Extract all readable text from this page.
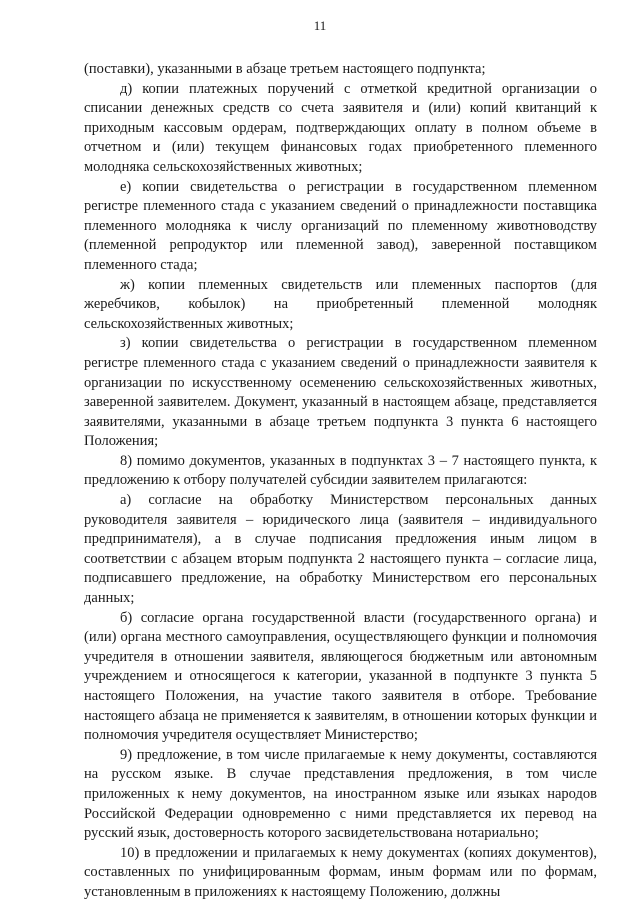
11

(поставки), указанными в абзаце третьем настоящего подпункта;

д) копии платежных поручений с отметкой кредитной организации о списании денежных средств со счета заявителя и (или) копий квитанций к приходным кассовым ордерам, подтверждающих оплату в полном объеме в отчетном и (или) текущем финансовых годах приобретенного племенного молодняка сельскохозяйственных животных;

е) копии свидетельства о регистрации в государственном племенном регистре племенного стада с указанием сведений о принадлежности поставщика племенного молодняка к числу организаций по племенному животноводству (племенной репродуктор или племенной завод), заверенной поставщиком племенного стада;

ж) копии племенных свидетельств или племенных паспортов (для жеребчиков, кобылок) на приобретенный племенной молодняк сельскохозяйственных животных;

з) копии свидетельства о регистрации в государственном племенном регистре племенного стада с указанием сведений о принадлежности заявителя к организации по искусственному осеменению сельскохозяйственных животных, заверенной заявителем. Документ, указанный в настоящем абзаце, представляется заявителями, указанными в абзаце третьем подпункта 3 пункта 6 настоящего Положения;

8) помимо документов, указанных в подпунктах 3 – 7 настоящего пункта, к предложению к отбору получателей субсидии заявителем прилагаются:

а) согласие на обработку Министерством персональных данных руководителя заявителя – юридического лица (заявителя – индивидуального предпринимателя), а в случае подписания предложения иным лицом в соответствии с абзацем вторым подпункта 2 настоящего пункта – согласие лица, подписавшего предложение, на обработку Министерством его персональных данных;

б) согласие органа государственной власти (государственного органа) и (или) органа местного самоуправления, осуществляющего функции и полномочия учредителя в отношении заявителя, являющегося бюджетным или автономным учреждением и относящегося к категории, указанной в подпункте 3 пункта 5 настоящего Положения, на участие такого заявителя в отборе. Требование настоящего абзаца не применяется к заявителям, в отношении которых функции и полномочия учредителя осуществляет Министерство;

9) предложение, в том числе прилагаемые к нему документы, составляются на русском языке. В случае представления предложения, в том числе приложенных к нему документов, на иностранном языке или языках народов Российской Федерации одновременно с ними представляется их перевод на русский язык, достоверность которого засвидетельствована нотариально;

10) в предложении и прилагаемых к нему документах (копиях документов), составленных по унифицированным формам, иным формам или по формам, установленным в приложениях к настоящему Положению, должны
